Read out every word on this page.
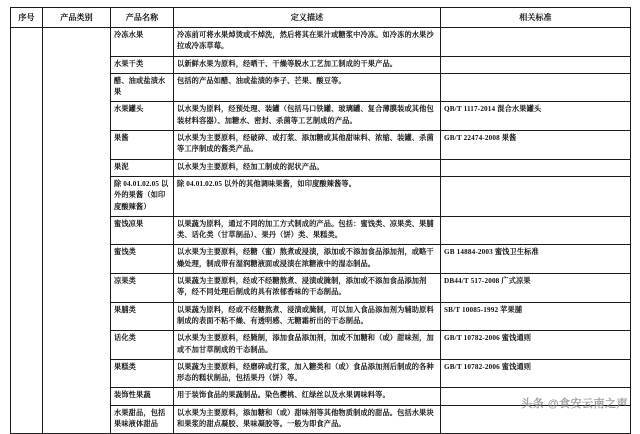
序号	产品类别	产品名称	定义描述	相关标准
		冷冻水果	冷冻前可将水果焯烫或不焯洗，然后将其在果汁或糖浆中冷冻。如冷冻的水果沙拉或冷冻草莓。	
		水果干类	以新鲜水果为原料，经晒干、干燥等脱水工艺加工制成的干果产品。	
		醋、油或盐渍水果	包括的产品如醋、油或盐渍的李子、芒果、酸豆等。	
		水果罐头	以水果为原料，经预处理、装罐（包括马口铁罐、玻璃罐、复合薄膜装或其他包装材料容器）、加糖水、密封、杀菌等工艺制成的产品。	QB/T 1117-2014 混合水果罐头
		果酱	以水果为主要原料，经破碎、或打浆、添加糖或其他甜味料、浓缩、装罐、杀菌等工序制成的酱类产品。	GB/T 22474-2008 果酱
		果泥	以水果为主要原料，经加工制成的泥状产品。	
		除 04.01.02.05 以外的果酱（如印度酸辣酱）	除 04.01.02.05 以外的其他调味果酱，如印度酸辣酱等。	
		蜜饯凉果	以果蔬为原料，通过不同的加工方式制成的产品。包括：蜜饯类、凉果类、果脯类、话化类（甘草制品）、果丹（饼）类、果糕类。	
		蜜饯类	以水果为主要原料，经糖（蜜）熬煮或浸渍，添加或不添加食品添加剂，或略干燥处理，制成带有湿润糖液面或浸渍在浓糖液中的湿态制品。	GB 14884-2003 蜜饯卫生标准
		凉果类	以果蔬为主要原料，经或不经糖熬煮、浸渍或腌制，添加或不添加食品添加剂等，经不同处理后制成的具有浓郁香味的干态制品。	DB44/T 517-2008 广式凉果
		果脯类	以果蔬为原料，经或不经糖熬煮、浸渍或腌制，可以加入食品添加剂为辅助原料制成的表面不粘不燥、有透明感、无糖霜析出的干态制品。	SB/T 10085-1992 苹果脯
		话化类	以水果为主要原料，经腌制，添加食品添加剂，加或不加糖和（或）甜味剂，加或不加甘草制成的干态制品。	GB/T 10782-2006 蜜饯通则
		果糕类	以果蔬为主要原料，经磨碎或打浆，加入糖类和（或）食品添加剂后制成的各种形态的糕状制品，包括果丹（饼）等。	GB/T 10782-2006 蜜饯通则
		装饰性果蔬	用于装饰食品的果蔬制品。染色樱桃、红绿丝以及水果调味料等。	
		水果甜品，包括果味液体甜品	以水果为主要原料，添加糖和（或）甜味剂等其他物质制成的甜品。包括水果块和果浆的甜点凝胶、果味凝胶等。一般为即食产品。	
头条 @食安云南之声
